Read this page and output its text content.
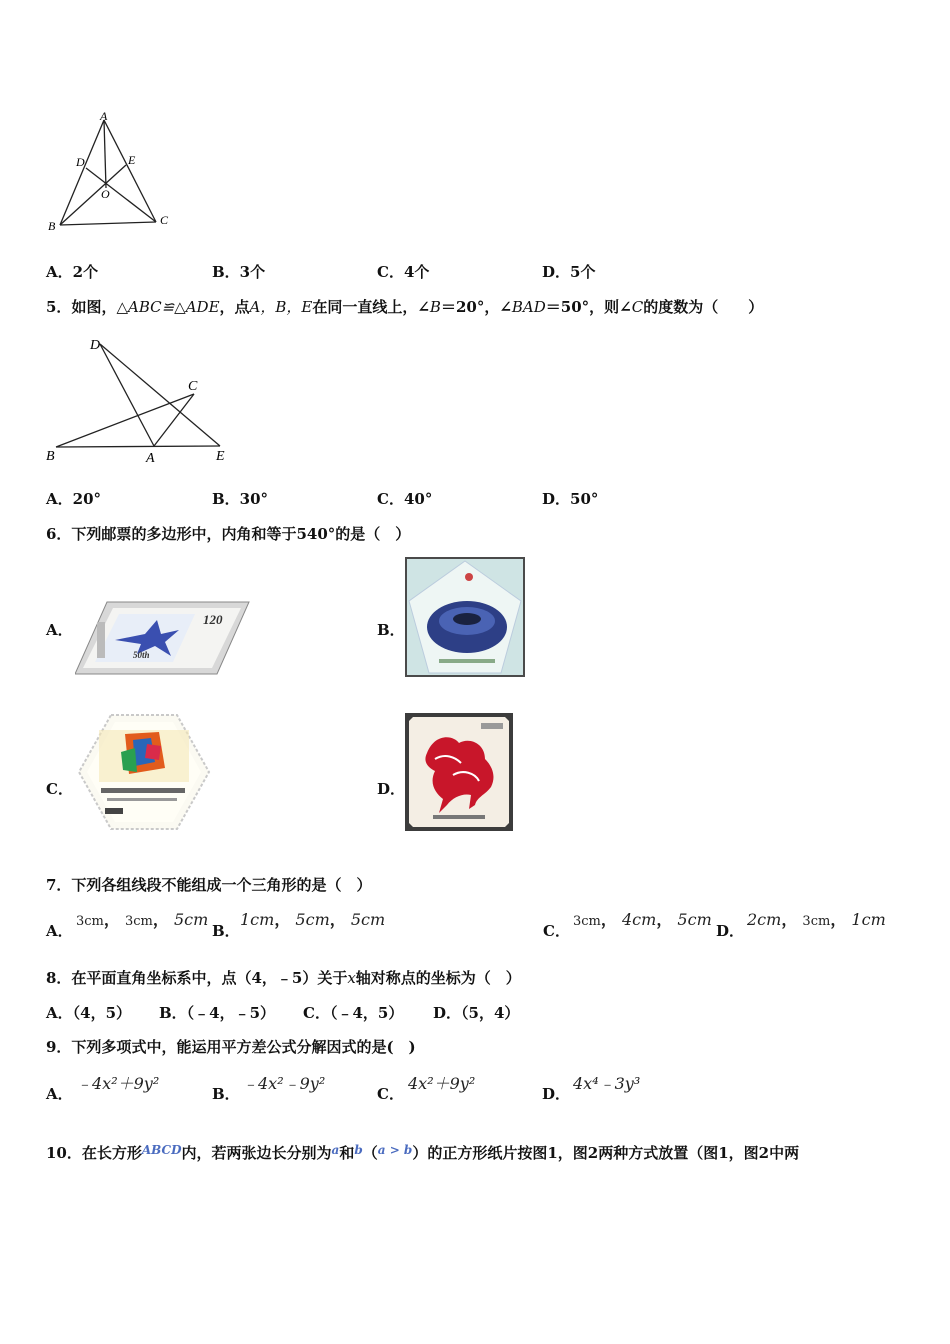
A
D	E
O
B	C
A．2个	B．3个	C．4个	D．5个
5．如图，△ABC≌△ADE，点A，B，E在同一直线上，∠B＝20°，∠BAD＝50°，则∠C的度数为（　　）
D
C
B	A	E
A．20°	B．30°	C．40°	D．50°
6．下列邮票的多边形中，内角和等于540°的是（　）
A．
120
50th
B．
C．	D．
7．下列各组线段不能组成一个三角形的是（　）
A．
3cm， 3cm， 5cm
B．
1cm， 5cm， 5cm
C．
3cm， 4cm， 5cm
D．
2cm， 3cm， 1cm
8．在平面直角坐标系中，点（4，﹣5）关于x轴对称点的坐标为（　）
A．（4，5） B．（﹣4，﹣5） C．（﹣4，5） D．（5，4）
9．下列多项式中，能运用平方差公式分解因式的是(　)
A．
﹣4x²＋9y²
B．
﹣4x²﹣9y²
C．
4x²＋9y²
D．
4x⁴﹣3y³
10．在长方形$^{ABCD}$内，若两张边长分别为$^a$和$^b$（$^{a > b}$）的正方形纸片按图1，图2两种方式放置（图1，图2中两
